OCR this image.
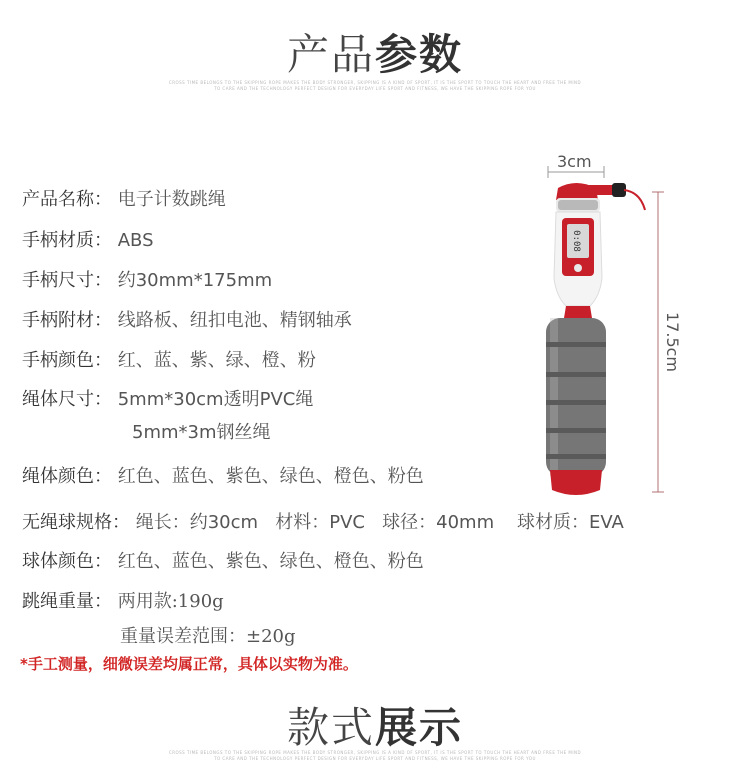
产品参数
CROSS TIME BELONGS TO THE SKIPPING ROPE MAKES THE BODY STRONGER, SKIPPING IS A KIND OF SPORT, IT IS THE SPORT TO TOUCH THE HEART AND FREE THE MIND
TO CARE AND THE TECHNOLOGY PERFECT DESIGN FOR EVERYDAY LIFE SPORT AND FITNESS, WE HAVE THE SKIPPING ROPE FOR YOU
产品名称： 电子计数跳绳
手柄材质： ABS
手柄尺寸： 约30mm*175mm
手柄附材： 线路板、纽扣电池、精钢轴承
手柄颜色： 红、蓝、紫、绿、橙、粉
绳体尺寸： 5mm*30cm透明PVC绳
5mm*3m钢丝绳
绳体颜色： 红色、蓝色、紫色、绿色、橙色、粉色
无绳球规格： 绳长：约30cm   材料：PVC   球径：40mm    球材质：EVA
球体颜色： 红色、蓝色、紫色、绿色、橙色、粉色
跳绳重量： 两用款:190g
重量误差范围：±20g
*手工测量，细微误差均属正常，具体以实物为准。
0:08
3cm
17.5cm
款式展示
CROSS TIME BELONGS TO THE SKIPPING ROPE MAKES THE BODY STRONGER, SKIPPING IS A KIND OF SPORT, IT IS THE SPORT TO TOUCH THE HEART AND FREE THE MIND
TO CARE AND THE TECHNOLOGY PERFECT DESIGN FOR EVERYDAY LIFE SPORT AND FITNESS, WE HAVE THE SKIPPING ROPE FOR YOU
